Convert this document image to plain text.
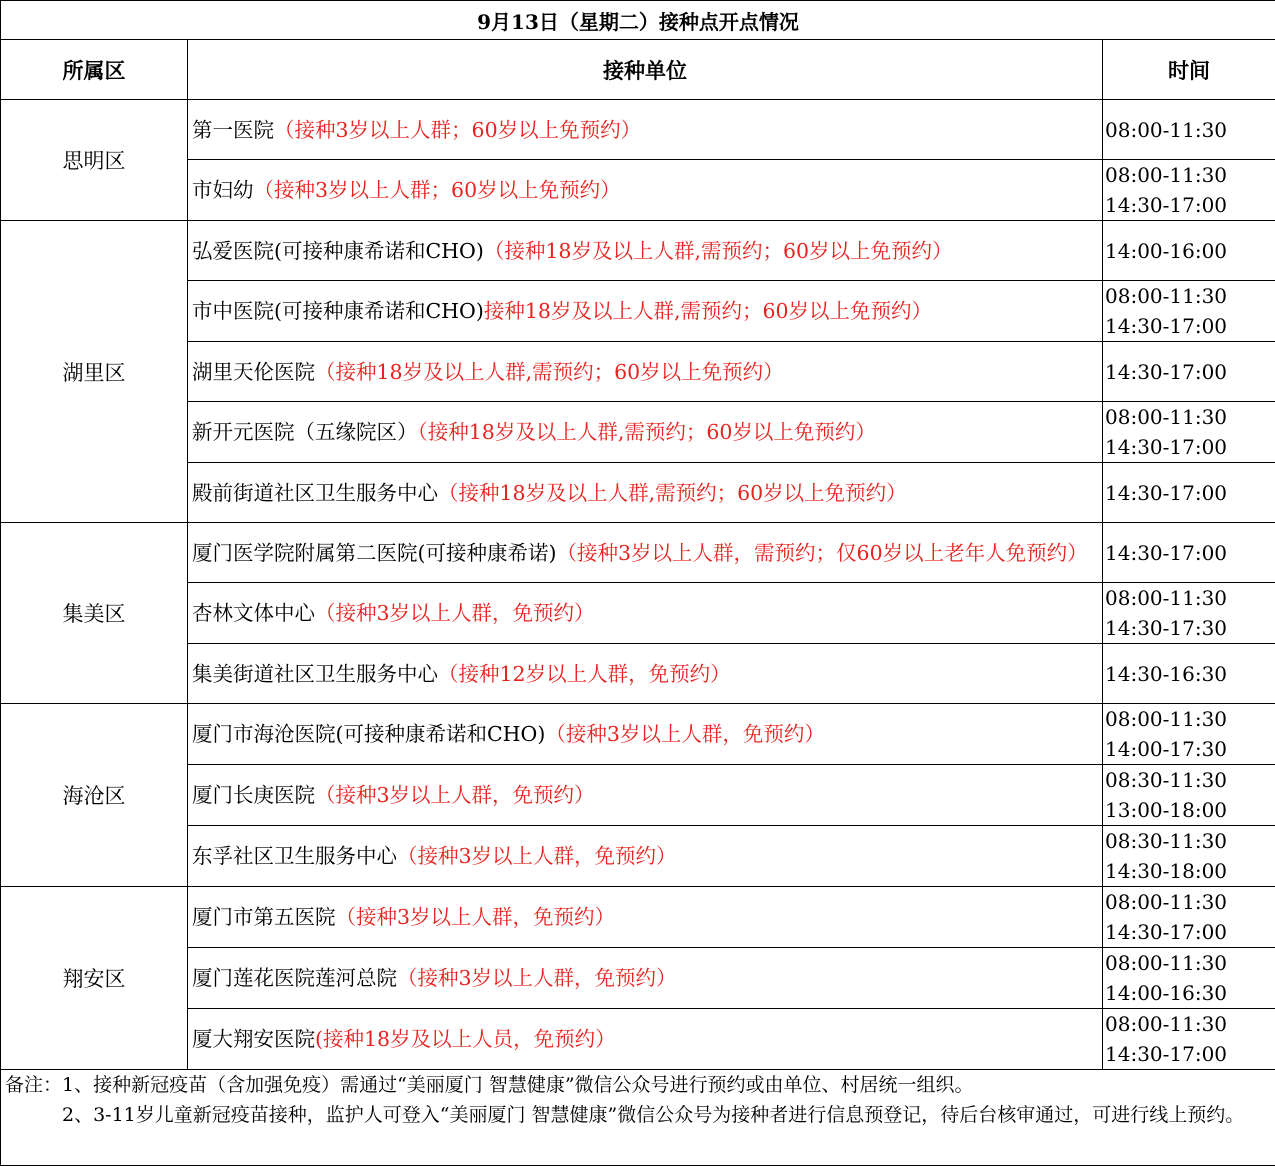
9月13日（星期二）接种点开点情况		
所属区	接种单位	时间
思明区	第一医院（接种3岁以上人群；60岁以上免预约）	08:00-11:30

	市妇幼（接种3岁以上人群；60岁以上免预约）	08:00-11:30
14:30-17:00

湖里区	弘爱医院(可接种康希诺和CHO)（接种18岁及以上人群,需预约；60岁以上免预约）	14:00-16:00

	市中医院(可接种康希诺和CHO)接种18岁及以上人群,需预约；60岁以上免预约）	08:00-11:30
14:30-17:00

	湖里天伦医院（接种18岁及以上人群,需预约；60岁以上免预约）	14:30-17:00

	新开元医院（五缘院区）（接种18岁及以上人群,需预约；60岁以上免预约）	08:00-11:30
14:30-17:00

	殿前街道社区卫生服务中心（接种18岁及以上人群,需预约；60岁以上免预约）	14:30-17:00

集美区	厦门医学院附属第二医院(可接种康希诺)（接种3岁以上人群，需预约；仅60岁以上老年人免预约）	14:30-17:00

	杏林文体中心（接种3岁以上人群，免预约）	08:00-11:30
14:30-17:30

	集美街道社区卫生服务中心（接种12岁以上人群，免预约）	14:30-16:30

海沧区	厦门市海沧医院(可接种康希诺和CHO)（接种3岁以上人群，免预约）	08:00-11:30
14:00-17:30

	厦门长庚医院（接种3岁以上人群，免预约）	08:30-11:30
13:00-18:00

	东孚社区卫生服务中心（接种3岁以上人群，免预约）	08:30-11:30
14:30-18:00

翔安区	厦门市第五医院（接种3岁以上人群，免预约）	08:00-11:30
14:30-17:00

	厦门莲花医院莲河总院（接种3岁以上人群，免预约）	08:00-11:30
14:00-16:30

	厦大翔安医院(接种18岁及以上人员，免预约）	08:00-11:30
14:30-17:00

备注：1、接种新冠疫苗（含加强免疫）需通过“美丽厦门 智慧健康”微信公众号进行预约或由单位、村居统一组织。
　　　2、3-11岁儿童新冠疫苗接种，监护人可登入“美丽厦门 智慧健康”微信公众号为接种者进行信息预登记，待后台核审通过，可进行线上预约。		
